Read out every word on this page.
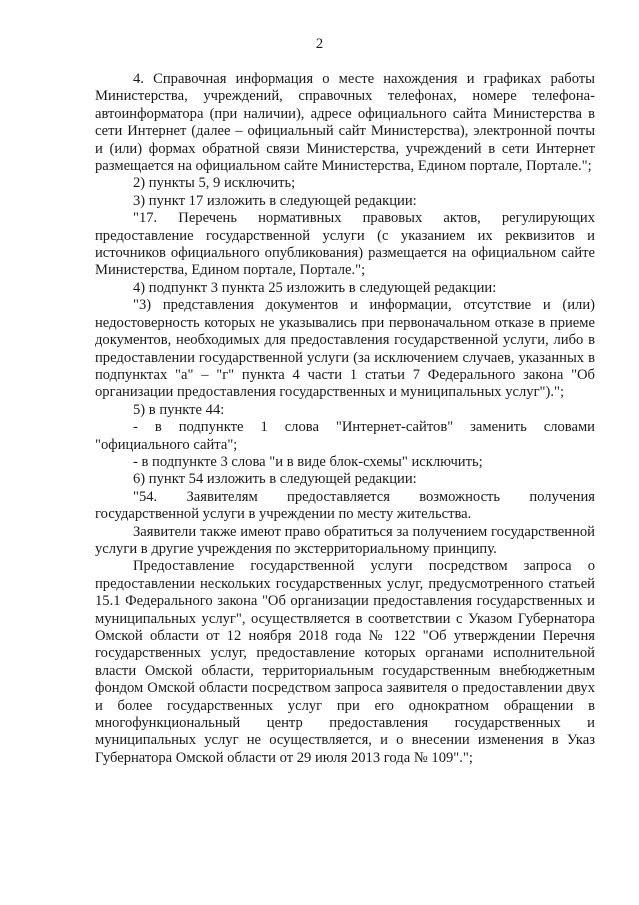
2

4. Справочная информация о месте нахождения и графиках работы Министерства, учреждений, справочных телефонах, номере телефона-автоинформатора (при наличии), адресе официального сайта Министерства в сети Интернет (далее – официальный сайт Министерства), электронной почты и (или) формах обратной связи Министерства, учреждений в сети Интернет размещается на официальном сайте Министерства, Едином портале, Портале.";

2) пункты 5, 9 исключить;

3) пункт 17 изложить в следующей редакции:

"17. Перечень нормативных правовых актов, регулирующих предоставление государственной услуги (с указанием их реквизитов и источников официального опубликования) размещается на официальном сайте Министерства, Едином портале, Портале.";

4) подпункт 3 пункта 25 изложить в следующей редакции:

"3) представления документов и информации, отсутствие и (или) недостоверность которых не указывались при первоначальном отказе в приеме документов, необходимых для предоставления государственной услуги, либо в предоставлении государственной услуги (за исключением случаев, указанных в подпунктах "а" – "г" пункта 4 части 1 статьи 7 Федерального закона "Об организации предоставления государственных и муниципальных услуг").";

5) в пункте 44:

- в подпункте 1 слова "Интернет-сайтов" заменить словами "официального сайта";

- в подпункте 3 слова "и в виде блок-схемы" исключить;

6) пункт 54 изложить в следующей редакции:

"54. Заявителям предоставляется возможность получения государственной услуги в учреждении по месту жительства.

Заявители также имеют право обратиться за получением государственной услуги в другие учреждения по экстерриториальному принципу.

Предоставление государственной услуги посредством запроса о предоставлении нескольких государственных услуг, предусмотренного статьей 15.1 Федерального закона "Об организации предоставления государственных и муниципальных услуг", осуществляется в соответствии с Указом Губернатора Омской области от 12 ноября 2018 года № 122 "Об утверждении Перечня государственных услуг, предоставление которых органами исполнительной власти Омской области, территориальным государственным внебюджетным фондом Омской области посредством запроса заявителя о предоставлении двух и более государственных услуг при его однократном обращении в многофункциональный центр предоставления государственных и муниципальных услуг не осуществляется, и о внесении изменения в Указ Губернатора Омской области от 29 июля 2013 года № 109".";
